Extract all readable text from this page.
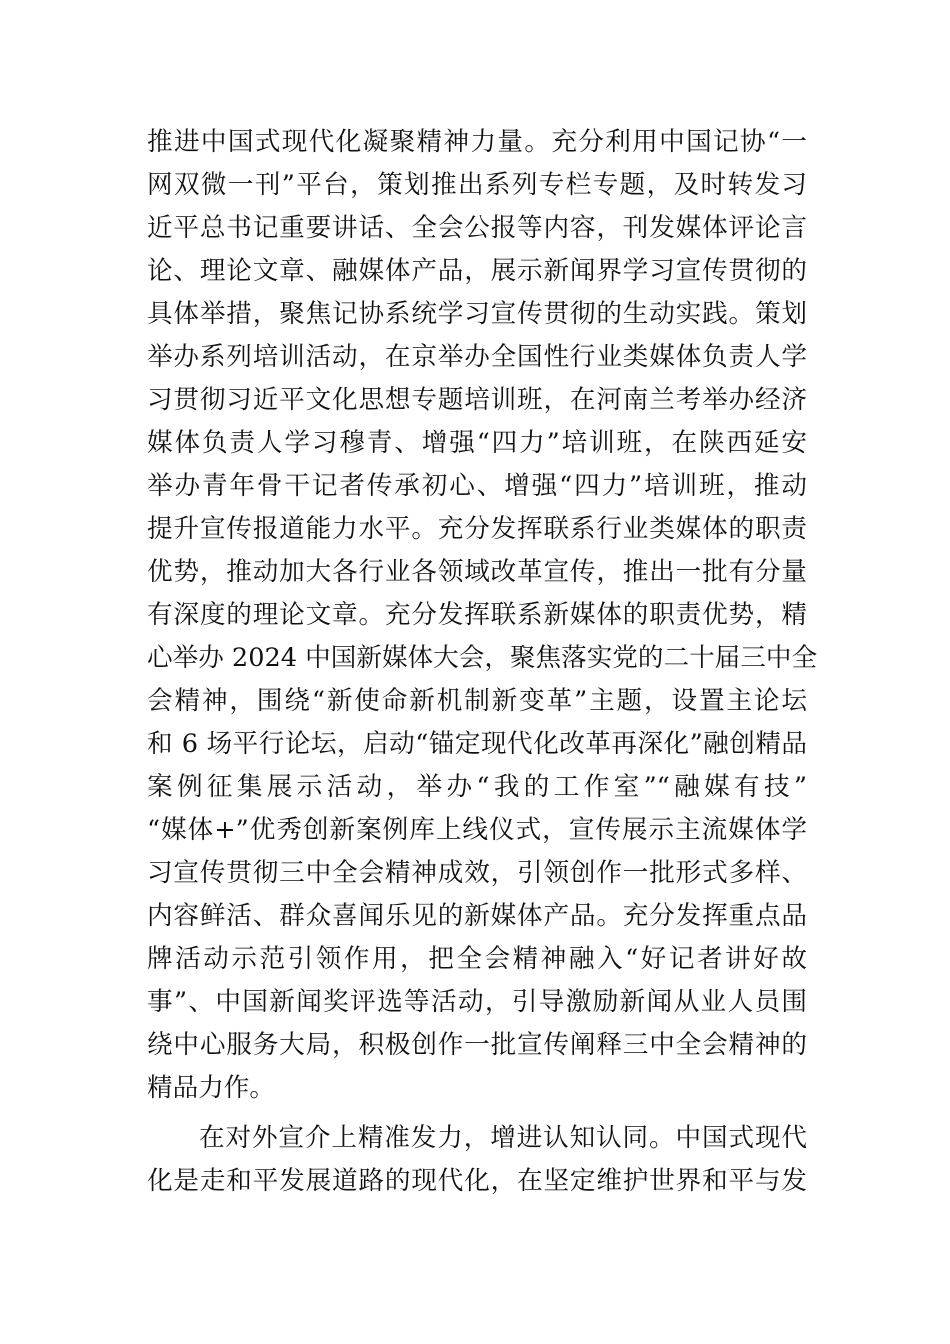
推进中国式现代化凝聚精神力量。充分利用中国记协“一
网双微一刊”平台，策划推出系列专栏专题，及时转发习
近平总书记重要讲话、全会公报等内容，刊发媒体评论言
论、理论文章、融媒体产品，展示新闻界学习宣传贯彻的
具体举措，聚焦记协系统学习宣传贯彻的生动实践。策划
举办系列培训活动，在京举办全国性行业类媒体负责人学
习贯彻习近平文化思想专题培训班，在河南兰考举办经济
媒体负责人学习穆青、增强“四力”培训班，在陕西延安
举办青年骨干记者传承初心、增强“四力”培训班，推动
提升宣传报道能力水平。充分发挥联系行业类媒体的职责
优势，推动加大各行业各领域改革宣传，推出一批有分量
有深度的理论文章。充分发挥联系新媒体的职责优势，精
心举办 2024 中国新媒体大会，聚焦落实党的二十届三中全
会精神，围绕“新使命新机制新变革”主题，设置主论坛
和 6 场平行论坛，启动“锚定现代化改革再深化”融创精品
案例征集展示活动，举办“我的工作室”“融媒有技”
“媒体+”优秀创新案例库上线仪式，宣传展示主流媒体学
习宣传贯彻三中全会精神成效，引领创作一批形式多样、
内容鲜活、群众喜闻乐见的新媒体产品。充分发挥重点品
牌活动示范引领作用，把全会精神融入“好记者讲好故
事”、中国新闻奖评选等活动，引导激励新闻从业人员围
绕中心服务大局，积极创作一批宣传阐释三中全会精神的
精品力作。
在对外宣介上精准发力，增进认知认同。中国式现代
化是走和平发展道路的现代化，在坚定维护世界和平与发
